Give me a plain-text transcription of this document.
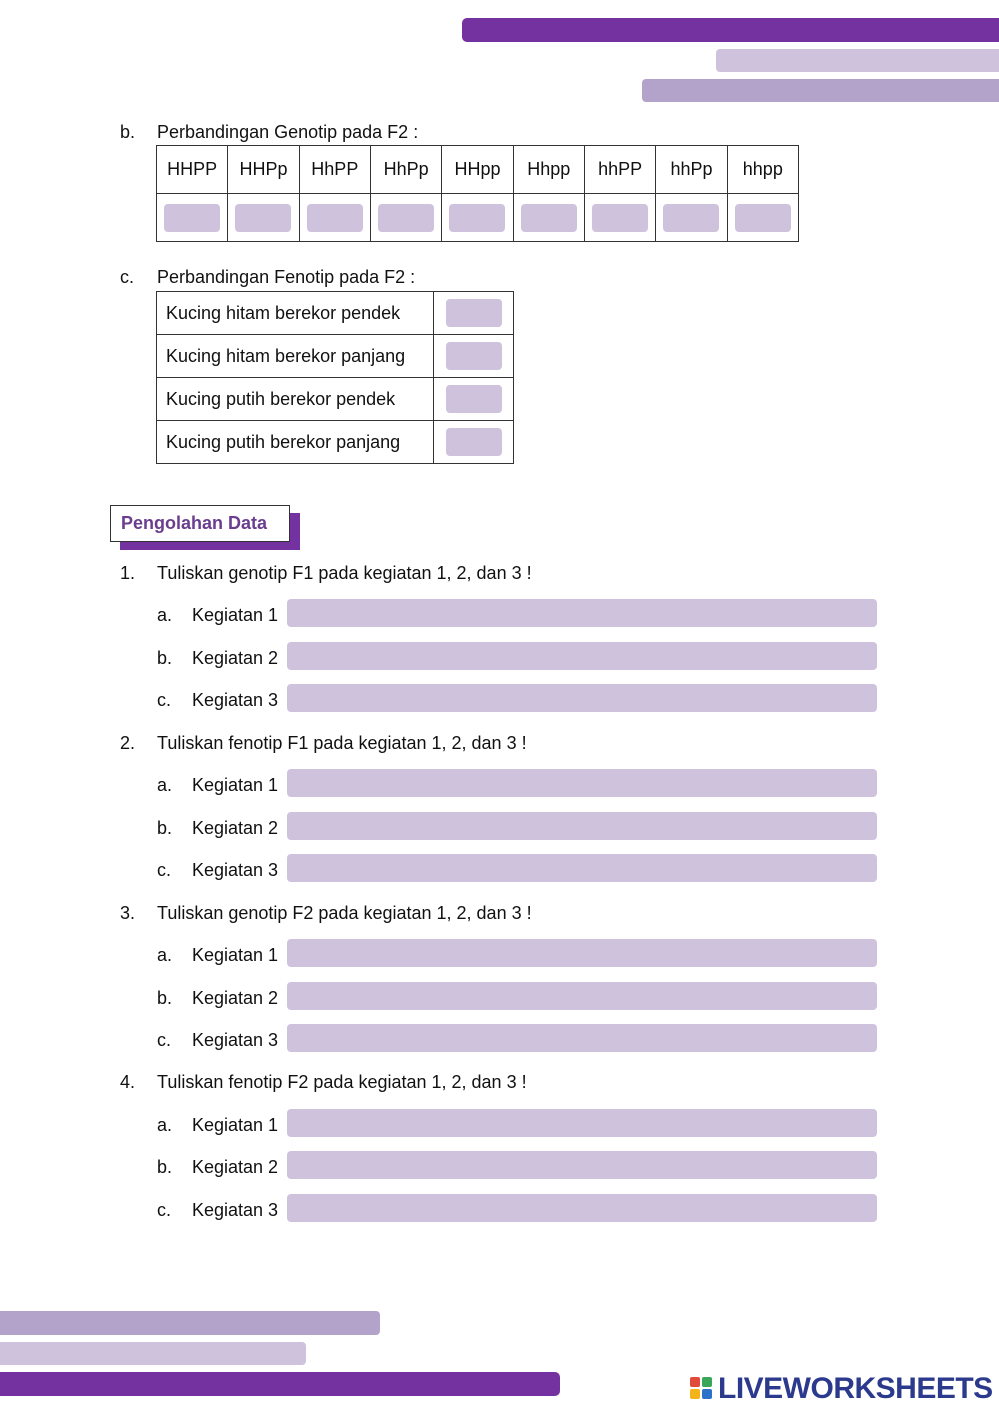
b. Perbandingan Genotip pada F2 :
HHPP	HHPp	HhPP	HhPp	HHpp	Hhpp	hhPP	hhPp	hhpp

c. Perbandingan Fenotip pada F2 :
Kucing hitam berekor pendek	

Kucing hitam berekor panjang	

Kucing putih berekor pendek	

Kucing putih berekor panjang	
Pengolahan Data
1. Tuliskan genotip F1 pada kegiatan 1, 2, dan 3 !
a. Kegiatan 1
b. Kegiatan 2
c. Kegiatan 3
2. Tuliskan fenotip F1 pada kegiatan 1, 2, dan 3 !
a. Kegiatan 1
b. Kegiatan 2
c. Kegiatan 3
3. Tuliskan genotip F2 pada kegiatan 1, 2, dan 3 !
a. Kegiatan 1
b. Kegiatan 2
c. Kegiatan 3
4. Tuliskan fenotip F2 pada kegiatan 1, 2, dan 3 !
a. Kegiatan 1
b. Kegiatan 2
c. Kegiatan 3
LIVEWORKSHEETS
